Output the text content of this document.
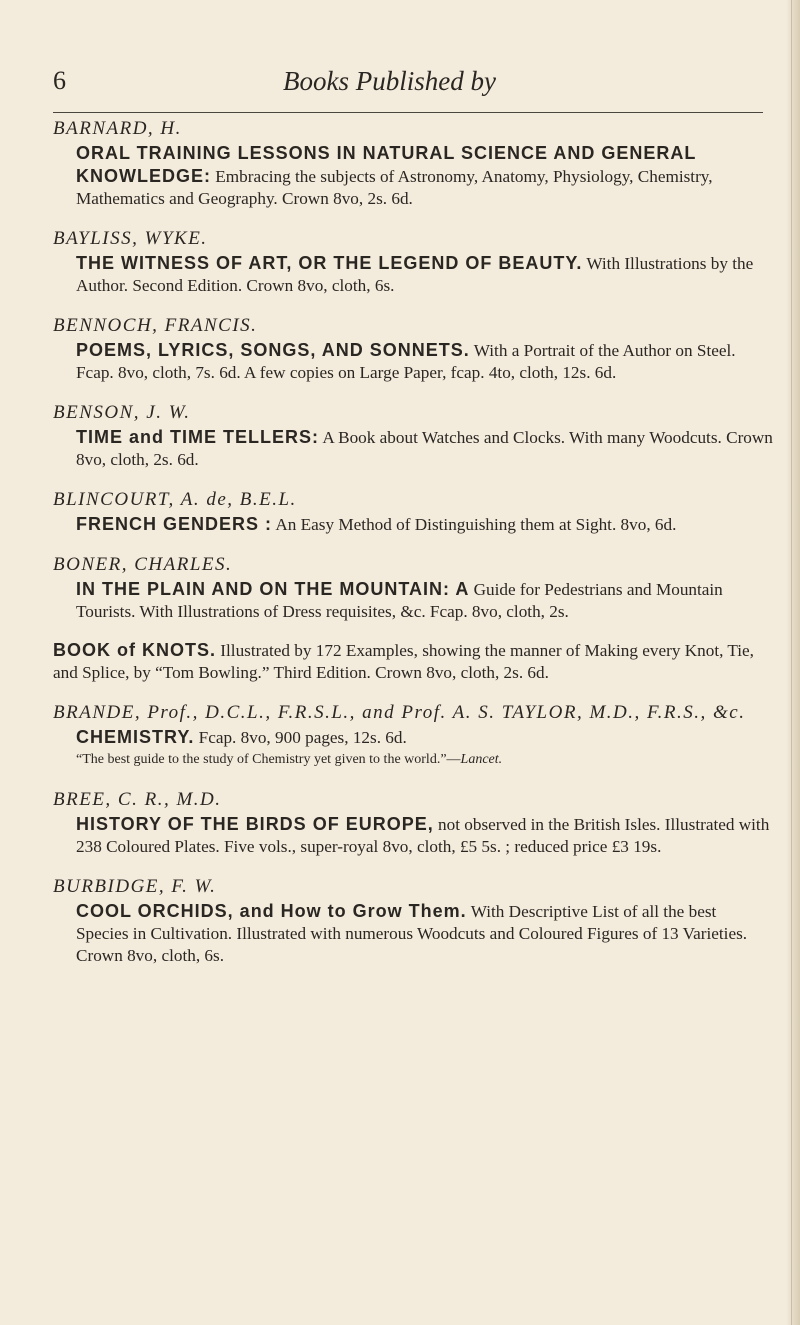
6	Books Published by
BARNARD, H.
ORAL TRAINING LESSONS IN NATURAL SCIENCE AND GENERAL KNOWLEDGE: Embracing the subjects of Astronomy, Anatomy, Physiology, Chemistry, Mathematics and Geography. Crown 8vo, 2s. 6d.
BAYLISS, WYKE.
THE WITNESS OF ART, OR THE LEGEND OF BEAUTY. With Illustrations by the Author. Second Edition. Crown 8vo, cloth, 6s.
BENNOCH, FRANCIS.
POEMS, LYRICS, SONGS, AND SONNETS. With a Portrait of the Author on Steel. Fcap. 8vo, cloth, 7s. 6d. A few copies on Large Paper, fcap. 4to, cloth, 12s. 6d.
BENSON, J. W.
TIME and TIME TELLERS: A Book about Watches and Clocks. With many Woodcuts. Crown 8vo, cloth, 2s. 6d.
BLINCOURT, A. de, B.E.L.
FRENCH GENDERS : An Easy Method of Distinguishing them at Sight. 8vo, 6d.
BONER, CHARLES.
IN THE PLAIN AND ON THE MOUNTAIN: A Guide for Pedestrians and Mountain Tourists. With Illustrations of Dress requisites, &c. Fcap. 8vo, cloth, 2s.
BOOK of KNOTS. Illustrated by 172 Examples, showing the manner of Making every Knot, Tie, and Splice, by “Tom Bowling.” Third Edition. Crown 8vo, cloth, 2s. 6d.
BRANDE, Prof., D.C.L., F.R.S.L., and Prof. A. S. TAYLOR, M.D., F.R.S., &c.
CHEMISTRY. Fcap. 8vo, 900 pages, 12s. 6d.
“The best guide to the study of Chemistry yet given to the world.”—Lancet.
BREE, C. R., M.D.
HISTORY OF THE BIRDS OF EUROPE, not observed in the British Isles. Illustrated with 238 Coloured Plates. Five vols., super-royal 8vo, cloth, £5 5s. ; reduced price £3 19s.
BURBIDGE, F. W.
COOL ORCHIDS, and How to Grow Them. With Descriptive List of all the best Species in Cultivation. Illustrated with numerous Woodcuts and Coloured Figures of 13 Varieties. Crown 8vo, cloth, 6s.
